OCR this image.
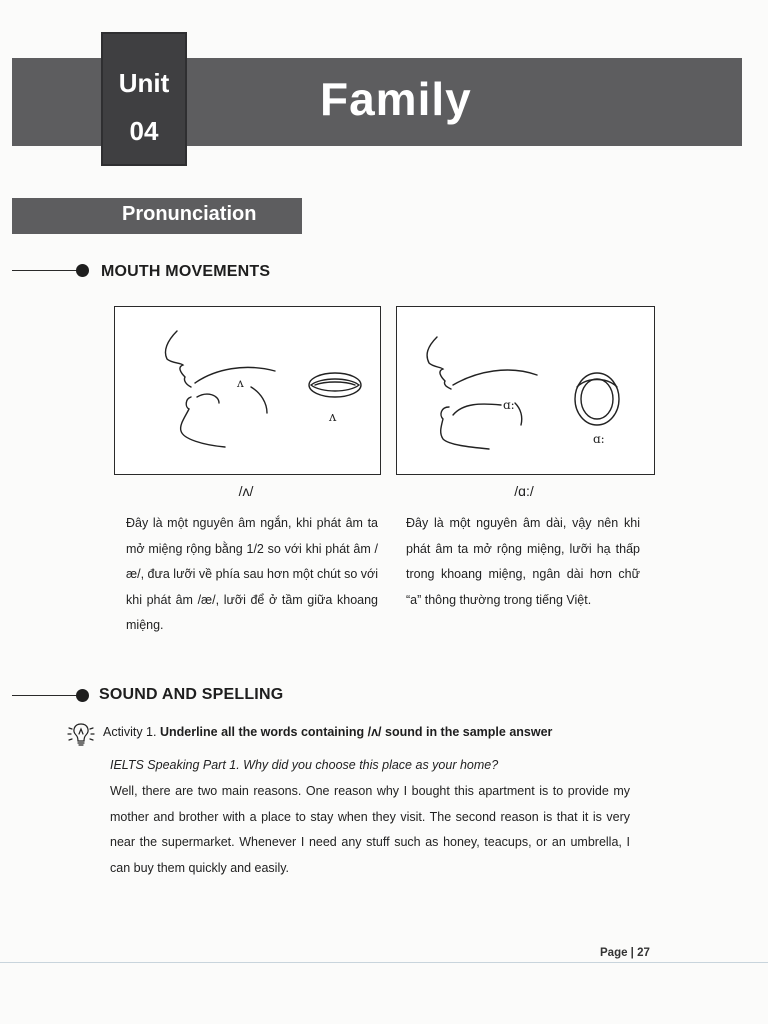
Unit
04
Family
Pronunciation
MOUTH MOVEMENTS
ʌ
ʌ
/ʌ/
Đây là một nguyên âm ngắn, khi phát âm ta mở miệng rộng bằng 1/2 so với khi phát âm /æ/, đưa lưỡi về phía sau hơn một chút so với khi phát âm /æ/, lưỡi để ở tầm giữa khoang miệng.
ɑ:
ɑ:
/ɑ:/
Đây là một nguyên âm dài, vậy nên khi phát âm ta mở rộng miệng, lưỡi hạ thấp trong khoang miệng, ngân dài hơn chữ “a” thông thường trong tiếng Việt.
SOUND AND SPELLING
Activity 1. Underline all the words containing /ʌ/ sound in the sample answer
IELTS Speaking Part 1. Why did you choose this place as your home?
Well, there are two main reasons. One reason why I bought this apartment is to provide my mother and brother with a place to stay when they visit. The second reason is that it is very near the supermarket. Whenever I need any stuff such as honey, teacups, or an umbrella, I can buy them quickly and easily.
Page | 27
